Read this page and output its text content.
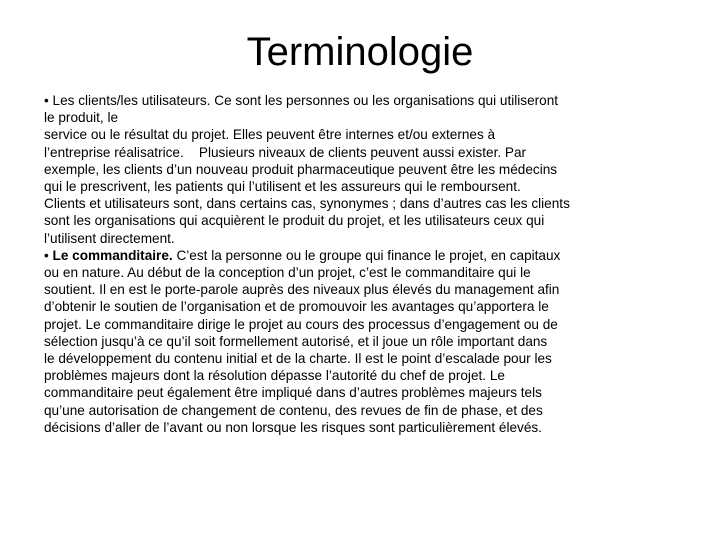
Terminologie

• Les clients/les utilisateurs. Ce sont les personnes ou les organisations qui utiliseront
le produit, le
service ou le résultat du projet. Elles peuvent être internes et/ou externes à
l’entreprise réalisatrice.    Plusieurs niveaux de clients peuvent aussi exister. Par
exemple, les clients d’un nouveau produit pharmaceutique peuvent être les médecins
qui le prescrivent, les patients qui l’utilisent et les assureurs qui le remboursent.
Clients et utilisateurs sont, dans certains cas, synonymes ; dans d’autres cas les clients
sont les organisations qui acquièrent le produit du projet, et les utilisateurs ceux qui
l’utilisent directement.

• Le commanditaire. C’est la personne ou le groupe qui finance le projet, en capitaux
ou en nature. Au début de la conception d’un projet, c’est le commanditaire qui le
soutient. Il en est le porte-parole auprès des niveaux plus élevés du management afin
d’obtenir le soutien de l’organisation et de promouvoir les avantages qu’apportera le
projet. Le commanditaire dirige le projet au cours des processus d’engagement ou de
sélection jusqu’à ce qu’il soit formellement autorisé, et il joue un rôle important dans
le développement du contenu initial et de la charte. Il est le point d’escalade pour les
problèmes majeurs dont la résolution dépasse l’autorité du chef de projet. Le
commanditaire peut également être impliqué dans d’autres problèmes majeurs tels
qu’une autorisation de changement de contenu, des revues de fin de phase, et des
décisions d’aller de l’avant ou non lorsque les risques sont particulièrement élevés.
